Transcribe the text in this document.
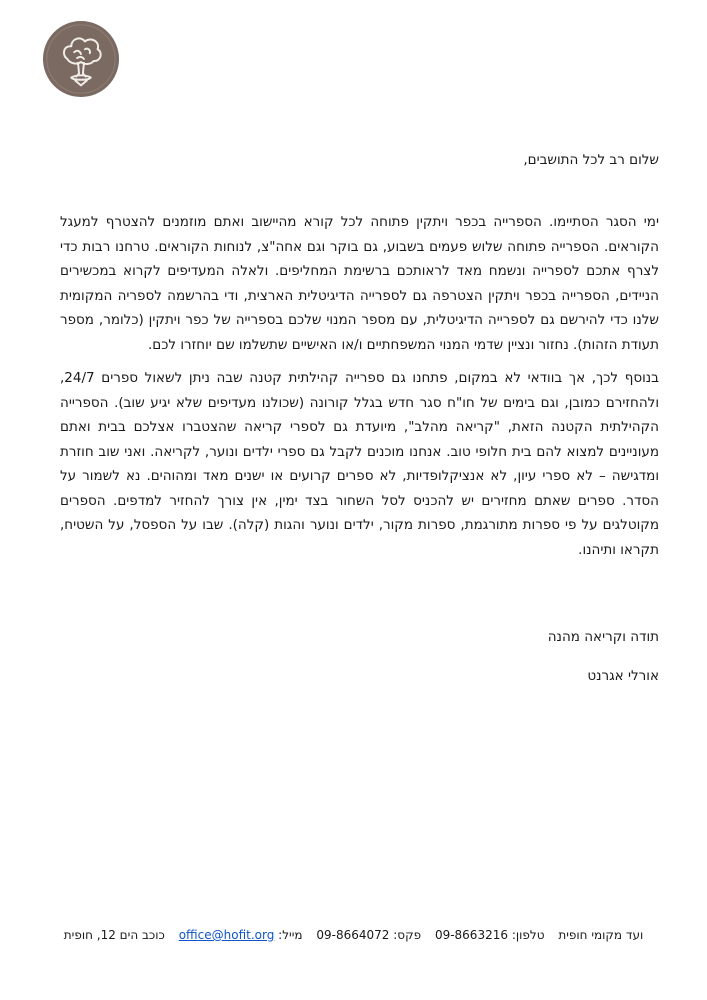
שלום רב לכל התושבים,

ימי הסגר הסתיימו. הספרייה בכפר ויתקין פתוחה לכל קורא מהיישוב ואתם מוזמנים להצטרף למעגל הקוראים. הספרייה פתוחה שלוש פעמים בשבוע, גם בוקר וגם אחה"צ, לנוחות הקוראים. טרחנו רבות כדי לצרף אתכם לספרייה ונשמח מאד לראותכם ברשימת המחליפים. ולאלה המעדיפים לקרוא במכשירים הניידים, הספרייה בכפר ויתקין הצטרפה גם לספרייה הדיגיטלית הארצית, ודי בהרשמה לספריה המקומית שלנו כדי להירשם גם לספרייה הדיגיטלית, עם מספר המנוי שלכם בספרייה של כפר ויתקין (כלומר, מספר תעודת הזהות). נחזור ונציין שדמי המנוי המשפחתיים ו/או האישיים שתשלמו שם יוחזרו לכם.

בנוסף לכך, אך בוודאי לא במקום, פתחנו גם ספרייה קהילתית קטנה שבה ניתן לשאול ספרים 24/7, ולהחזירם כמובן, וגם בימים של חו"ח סגר חדש בגלל קורונה (שכולנו מעדיפים שלא יגיע שוב). הספרייה הקהילתית הקטנה הזאת, "קריאה מהלב", מיועדת גם לספרי קריאה שהצטברו אצלכם בבית ואתם מעוניינים למצוא להם בית חלופי טוב. אנחנו מוכנים לקבל גם ספרי ילדים ונוער, לקריאה. ואני שוב חוזרת ומדגישה – לא ספרי עיון, לא אנציקלופדיות, לא ספרים קרועים או ישנים מאד ומהוהים. נא לשמור על הסדר. ספרים שאתם מחזירים יש להכניס לסל השחור בצד ימין, אין צורך להחזיר למדפים. הספרים מקוטלגים על פי ספרות מתורגמת, ספרות מקור, ילדים ונוער והגות (קלה). שבו על הספסל, על השטיח, תקראו ותיהנו.

תודה וקריאה מהנה

אורלי אגרנט

ועד מקומי חופית טלפון: 09-8663216 פקס: 09-8664072 מייל: office@hofit.org כוכב הים 12, חופית
